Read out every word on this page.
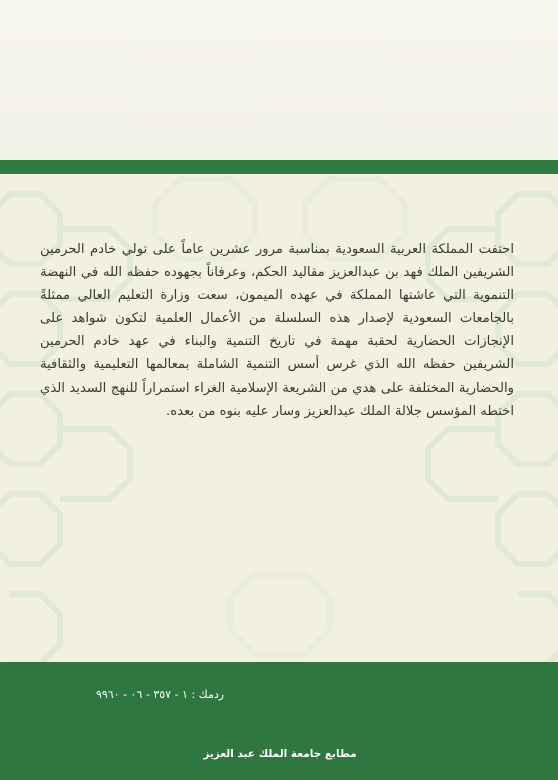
احتفت المملكة العربية السعودية بمناسبة مرور عشرين عاماً على تولي خادم الحرمين الشريفين الملك فهد بن عبدالعزيز مقاليد الحكم، وعرفاناً بجهوده حفظه الله في النهضة التنموية التي عاشتها المملكة في عهده الميمون، سعت وزارة التعليم العالي ممثلةً بالجامعات السعودية لإصدار هذه السلسلة من الأعمال العلمية لتكون شواهد على الإنجازات الحضارية لحقبة مهمة في تاريخ التنمية والبناء في عهد خادم الحرمين الشريفين حفظه الله الذي غرس أسس التنمية الشاملة بمعالمها التعليمية والثقافية والحضارية المختلفة على هدي من الشريعة الإسلامية الغراء استمراراً للنهج السديد الذي اختطه المؤسس جلالة الملك عبدالعزيز وسار عليه بنوه من بعده.
ردمك : ١ - ٣٥٧ - ٠٦ - ٩٩٦٠
مطابع جامعة الملك عبد العزيز
